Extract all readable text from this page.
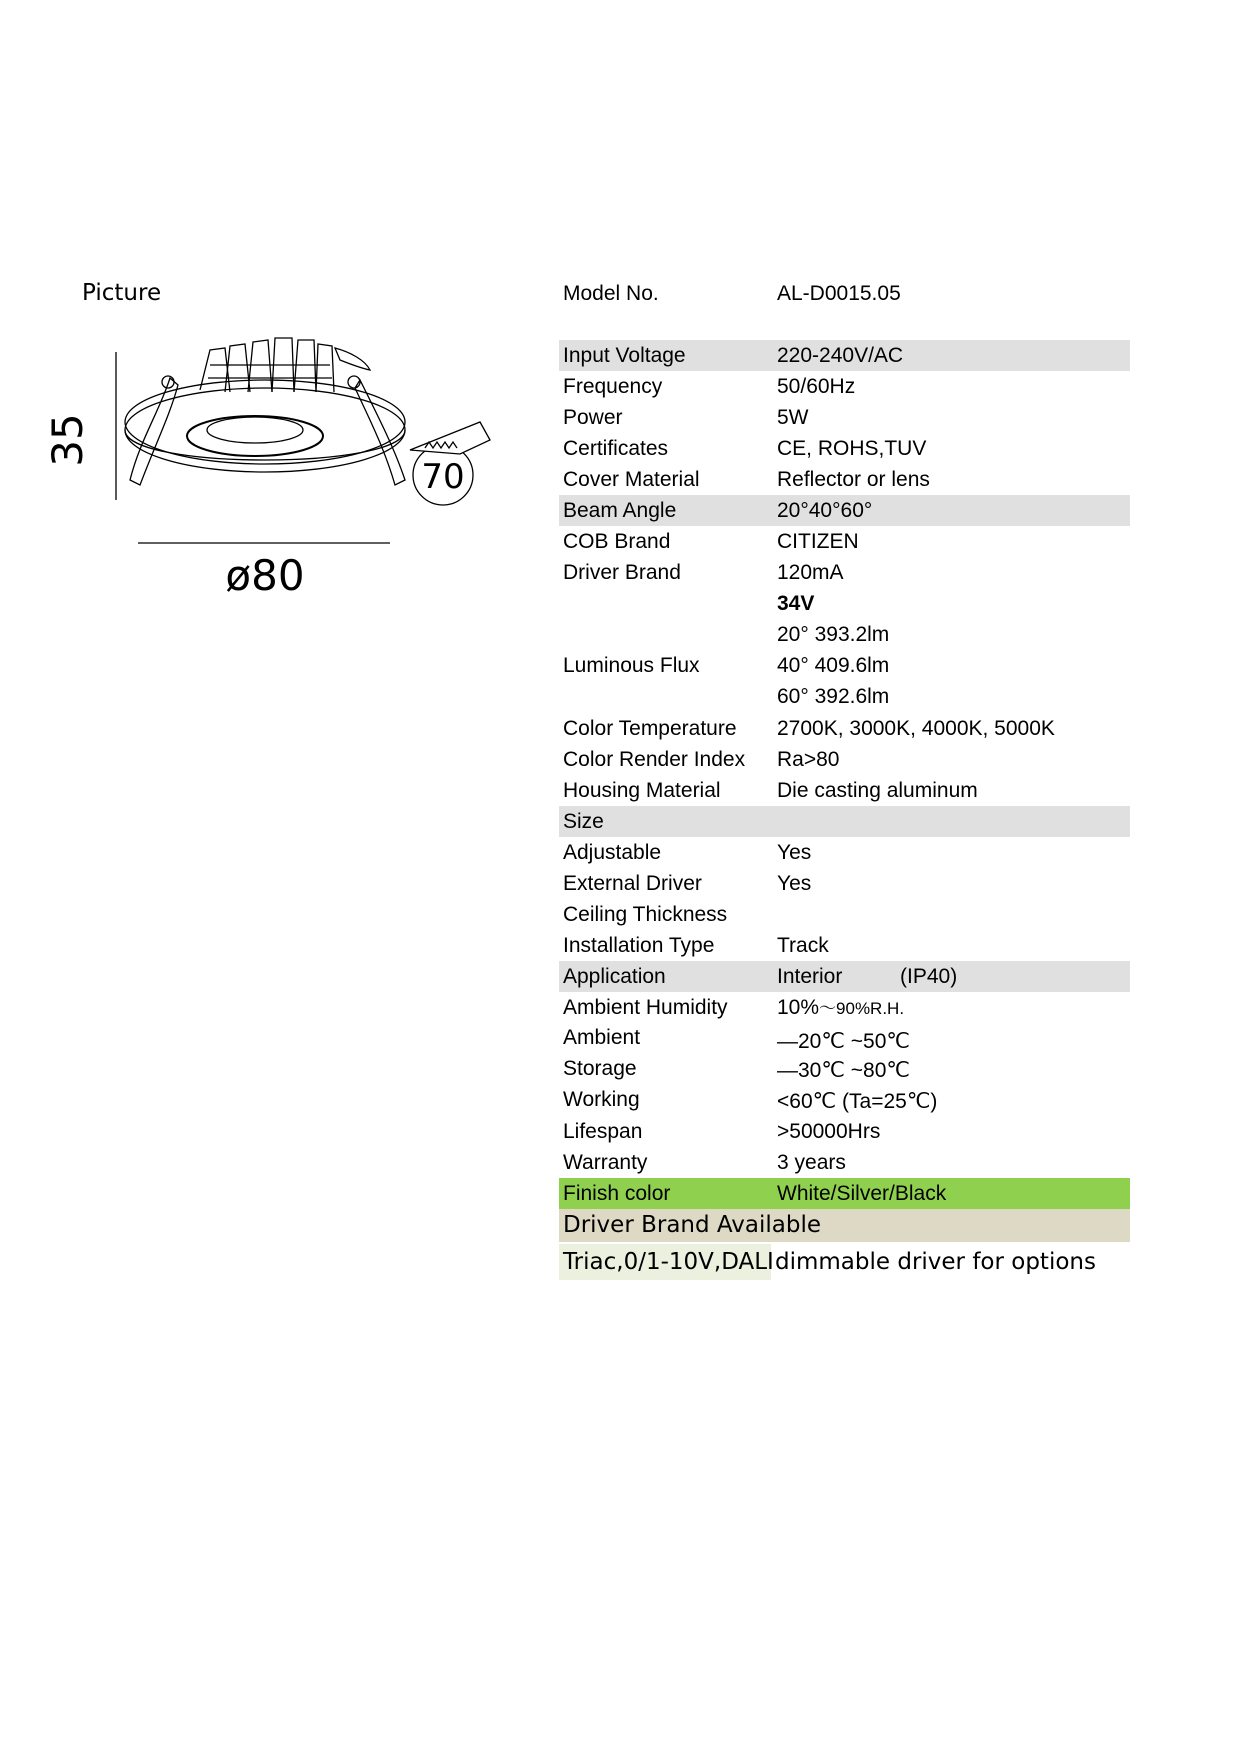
Picture
35
ø80
70
Model No.	AL-D0015.05
Input Voltage	220-240V/AC
Frequency	50/60Hz
Power	5W
Certificates	CE, ROHS,TUV
Cover Material	Reflector or lens
Beam Angle	20°40°60°
COB Brand	CITIZEN
Driver Brand	120mA
34V
20° 393.2lm
Luminous Flux	40° 409.6lm
60° 392.6lm
Color Temperature 2700K, 3000K, 4000K, 5000K
Color Render Index Ra>80
Housing Material	Die casting aluminum
Size
Adjustable	Yes
External Driver	Yes
Ceiling Thickness
Installation Type	Track
Application	Interior	(IP40)
Ambient Humidity 10%～90%R.H.
Ambient	—20℃ ~50℃
Storage	—30℃ ~80℃
Working	<60℃ (Ta=25℃)
Lifespan	>50000Hrs
Warranty	3 years
Finish color	White/Silver/Black
Driver Brand Available
Triac,0/1-10V,DALI dimmable driver for options
